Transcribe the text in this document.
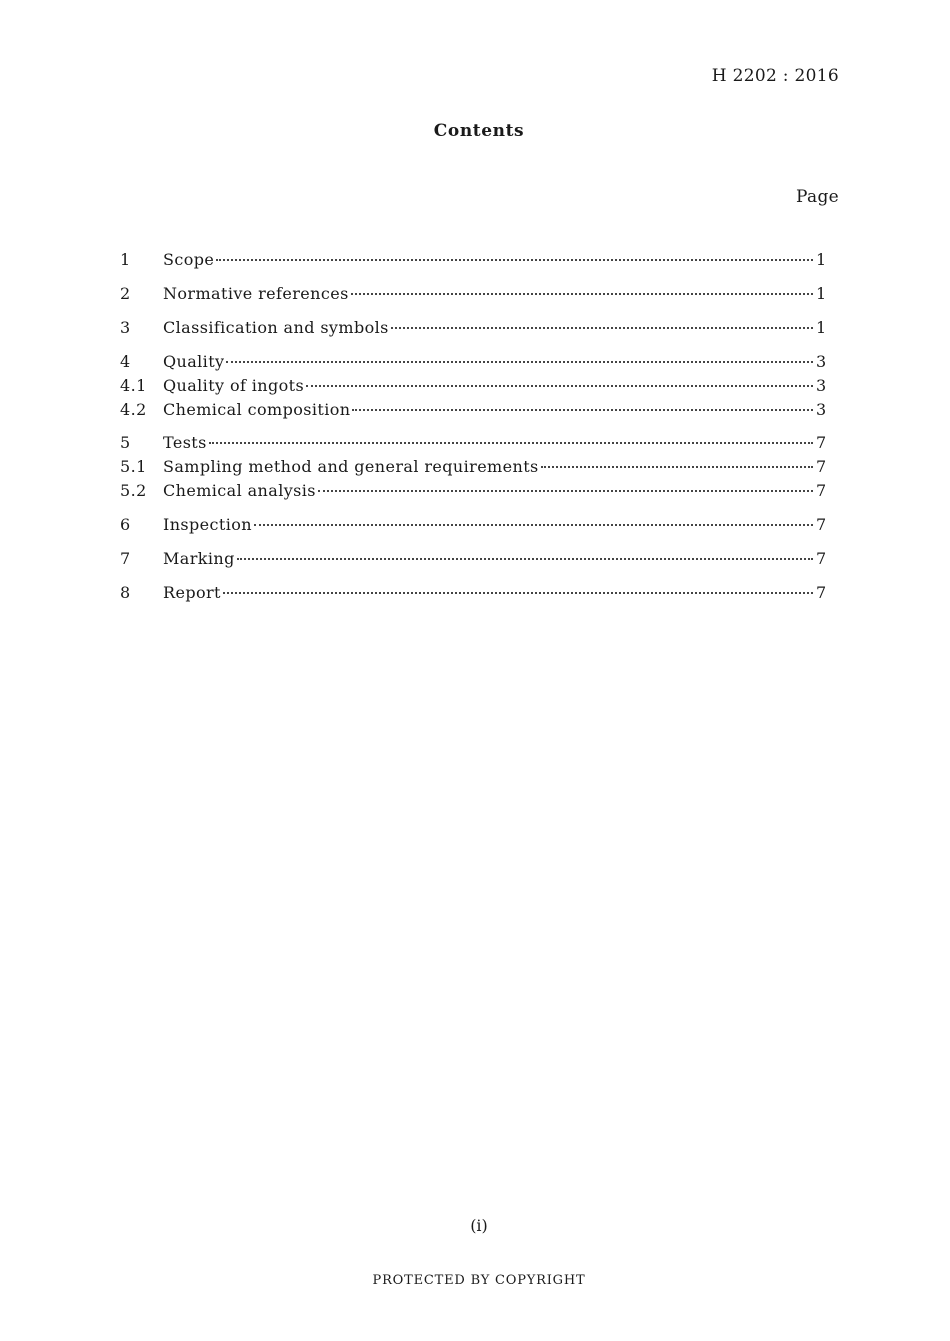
H 2202 : 2016
Contents
Page
1	Scope	1
2	Normative references	1
3	Classification and symbols	1
4	Quality	3
4.1	Quality of ingots	3
4.2	Chemical composition	3
5	Tests	7
5.1	Sampling method and general requirements	7
5.2	Chemical analysis	7
6	Inspection	7
7	Marking	7
8	Report	7
(i)
PROTECTED BY COPYRIGHT
